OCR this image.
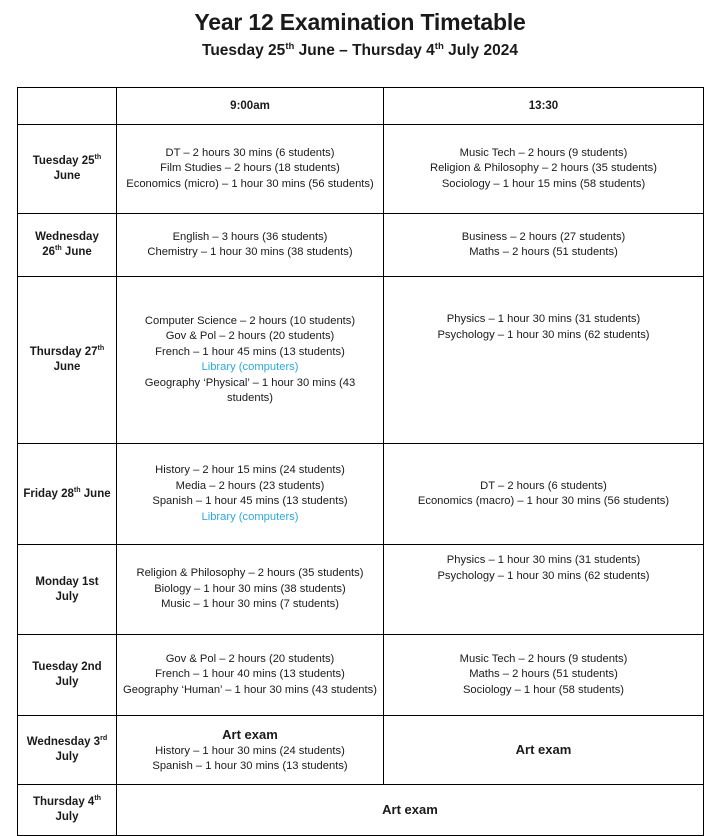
Year 12 Examination Timetable
Tuesday 25th June – Thursday 4th July 2024
	9:00am	13:30
Tuesday 25th
June	DT – 2 hours 30 mins (6 students)
Film Studies – 2 hours (18 students)
Economics (micro) – 1 hour 30 mins (56 students)	Music Tech – 2 hours (9 students)
Religion & Philosophy – 2 hours (35 students)
Sociology – 1 hour 15 mins (58 students)

Wednesday
26th June	English – 3 hours (36 students)
Chemistry – 1 hour 30 mins (38 students)	Business – 2 hours (27 students)
Maths – 2 hours (51 students)

Thursday 27th
June	Computer Science – 2 hours (10 students)
Gov & Pol – 2 hours (20 students)
French – 1 hour 45 mins (13 students)
Library (computers)
Geography ‘Physical’ – 1 hour 30 mins (43 students)	Physics – 1 hour 30 mins (31 students)
Psychology – 1 hour 30 mins (62 students)

Friday 28th June	History – 2 hour 15 mins (24 students)
Media – 2 hours (23 students)
Spanish – 1 hour 45 mins (13 students)
Library (computers)	DT – 2 hours (6 students)
Economics (macro) – 1 hour 30 mins (56 students)

Monday 1st
July	Religion & Philosophy – 2 hours (35 students)
Biology – 1 hour 30 mins (38 students)
Music – 1 hour 30 mins (7 students)	Physics – 1 hour 30 mins (31 students)
Psychology – 1 hour 30 mins (62 students)

Tuesday 2nd
July	Gov & Pol – 2 hours (20 students)
French – 1 hour 40 mins (13 students)
Geography ‘Human’ – 1 hour 30 mins (43 students)	Music Tech – 2 hours (9 students)
Maths – 2 hours (51 students)
Sociology – 1 hour (58 students)

Wednesday 3rd
July	Art exam
History – 1 hour 30 mins (24 students)
Spanish – 1 hour 30 mins (13 students)	Art exam
Thursday 4th
July	Art exam	
